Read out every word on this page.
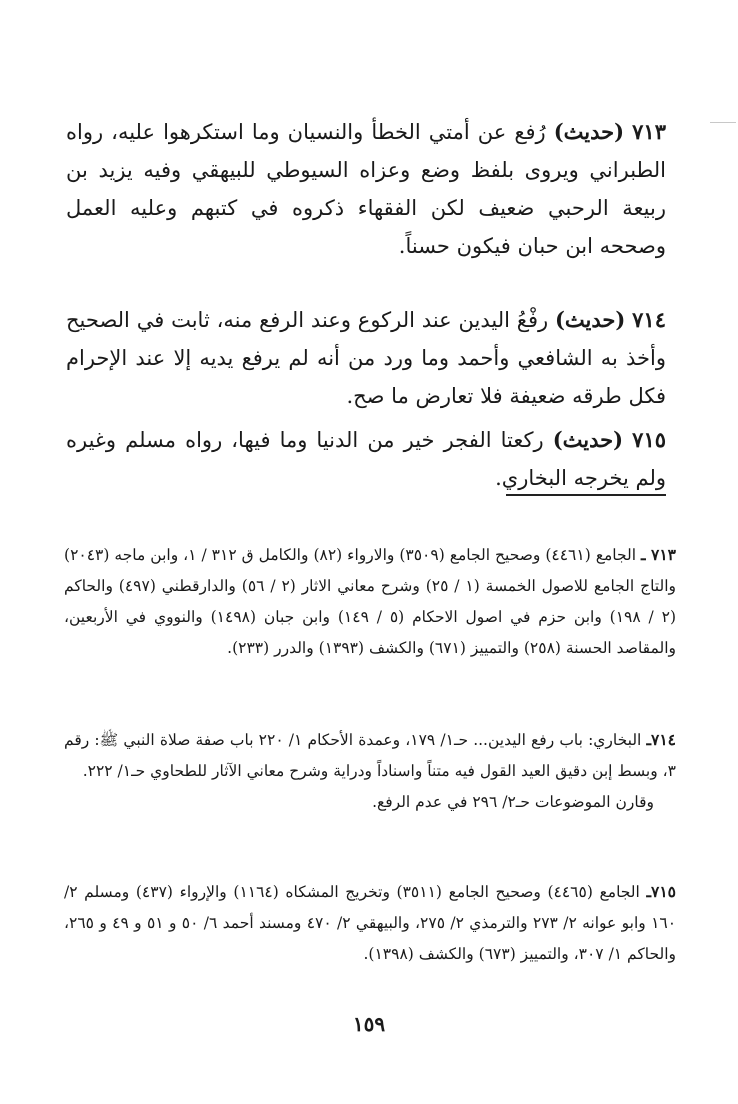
٧١٣ (حديث) رُفع عن أمتي الخطأ والنسيان وما استكرهوا عليه، رواه الطبراني ويروى بلفظ وضع وعزاه السيوطي للبيهقي وفيه يزيد بن ربيعة الرحبي ضعيف لكن الفقهاء ذكروه في كتبهم وعليه العمل وصححه ابن حبان فيكون حسناً.

٧١٤ (حديث) رفْعُ اليدين عند الركوع وعند الرفع منه، ثابت في الصحيح وأخذ به الشافعي وأحمد وما ورد من أنه لم يرفع يديه إلا عند الإحرام فكل طرقه ضعيفة فلا تعارض ما صح.

٧١٥ (حديث) ركعتا الفجر خير من الدنيا وما فيها، رواه مسلم وغيره ولم يخرجه البخاري.

٧١٣ ـ الجامع (٤٤٦١) وصحيح الجامع (٣٥٠٩) والارواء (٨٢) والكامل ق ٣١٢ / ١، وابن ماجه (٢٠٤٣) والتاج الجامع للاصول الخمسة (١ / ٢٥) وشرح معاني الاثار (٢ / ٥٦) والدارقطني (٤٩٧) والحاكم (٢ / ١٩٨) وابن حزم في اصول الاحكام (٥ / ١٤٩) وابن جبان (١٤٩٨) والنووي في الأربعين، والمقاصد الحسنة (٢٥٨) والتمييز (٦٧١) والكشف (١٣٩٣) والدرر (٢٣٣).

٧١٤ـ البخاري: باب رفع اليدين... حـ١/ ١٧٩، وعمدة الأحكام ١/ ٢٢٠ باب صفة صلاة النبي ﷺ: رقم ٣، وبسط إبن دقيق العيد القول فيه متناً واسناداً ودراية وشرح معاني الآثار للطحاوي حـ١/ ٢٢٢.
وقارن الموضوعات حـ٢/ ٢٩٦ في عدم الرفع.

٧١٥ـ الجامع (٤٤٦٥) وصحيح الجامع (٣٥١١) وتخريج المشكاه (١١٦٤) والإرواء (٤٣٧) ومسلم ٢/ ١٦٠ وابو عوانه ٢/ ٢٧٣ والترمذي ٢/ ٢٧٥، والبيهقي ٢/ ٤٧٠ ومسند أحمد ٦/ ٥٠ و ٥١ و ٤٩ و ٢٦٥، والحاكم ١/ ٣٠٧، والتمييز (٦٧٣) والكشف (١٣٩٨).

١٥٩
